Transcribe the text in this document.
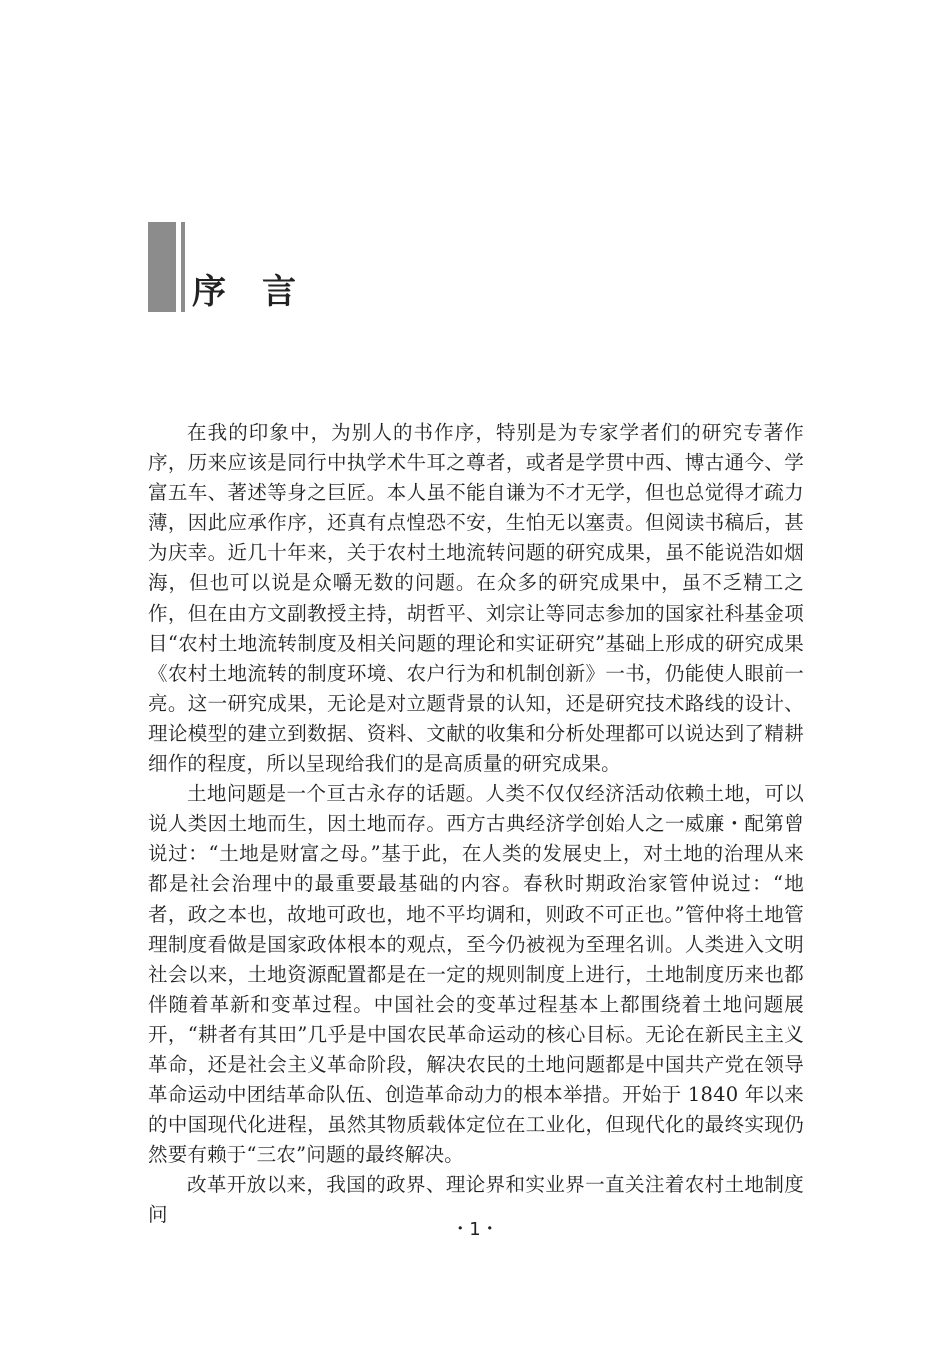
序言

在我的印象中，为别人的书作序，特别是为专家学者们的研究专著作序，历来应该是同行中执学术牛耳之尊者，或者是学贯中西、博古通今、学富五车、著述等身之巨匠。本人虽不能自谦为不才无学，但也总觉得才疏力薄，因此应承作序，还真有点惶恐不安，生怕无以塞责。但阅读书稿后，甚为庆幸。近几十年来，关于农村土地流转问题的研究成果，虽不能说浩如烟海，但也可以说是众嚼无数的问题。在众多的研究成果中，虽不乏精工之作，但在由方文副教授主持，胡哲平、刘宗让等同志参加的国家社科基金项目“农村土地流转制度及相关问题的理论和实证研究”基础上形成的研究成果《农村土地流转的制度环境、农户行为和机制创新》一书，仍能使人眼前一亮。这一研究成果，无论是对立题背景的认知，还是研究技术路线的设计、理论模型的建立到数据、资料、文献的收集和分析处理都可以说达到了精耕细作的程度，所以呈现给我们的是高质量的研究成果。

土地问题是一个亘古永存的话题。人类不仅仅经济活动依赖土地，可以说人类因土地而生，因土地而存。西方古典经济学创始人之一威廉・配第曾说过：“土地是财富之母。”基于此，在人类的发展史上，对土地的治理从来都是社会治理中的最重要最基础的内容。春秋时期政治家管仲说过：“地者，政之本也，故地可政也，地不平均调和，则政不可正也。”管仲将土地管理制度看做是国家政体根本的观点，至今仍被视为至理名训。人类进入文明社会以来，土地资源配置都是在一定的规则制度上进行，土地制度历来也都伴随着革新和变革过程。中国社会的变革过程基本上都围绕着土地问题展开，“耕者有其田”几乎是中国农民革命运动的核心目标。无论在新民主主义革命，还是社会主义革命阶段，解决农民的土地问题都是中国共产党在领导革命运动中团结革命队伍、创造革命动力的根本举措。开始于 1840 年以来的中国现代化进程，虽然其物质载体定位在工业化，但现代化的最终实现仍然要有赖于“三农”问题的最终解决。

改革开放以来，我国的政界、理论界和实业界一直关注着农村土地制度问

・1・
